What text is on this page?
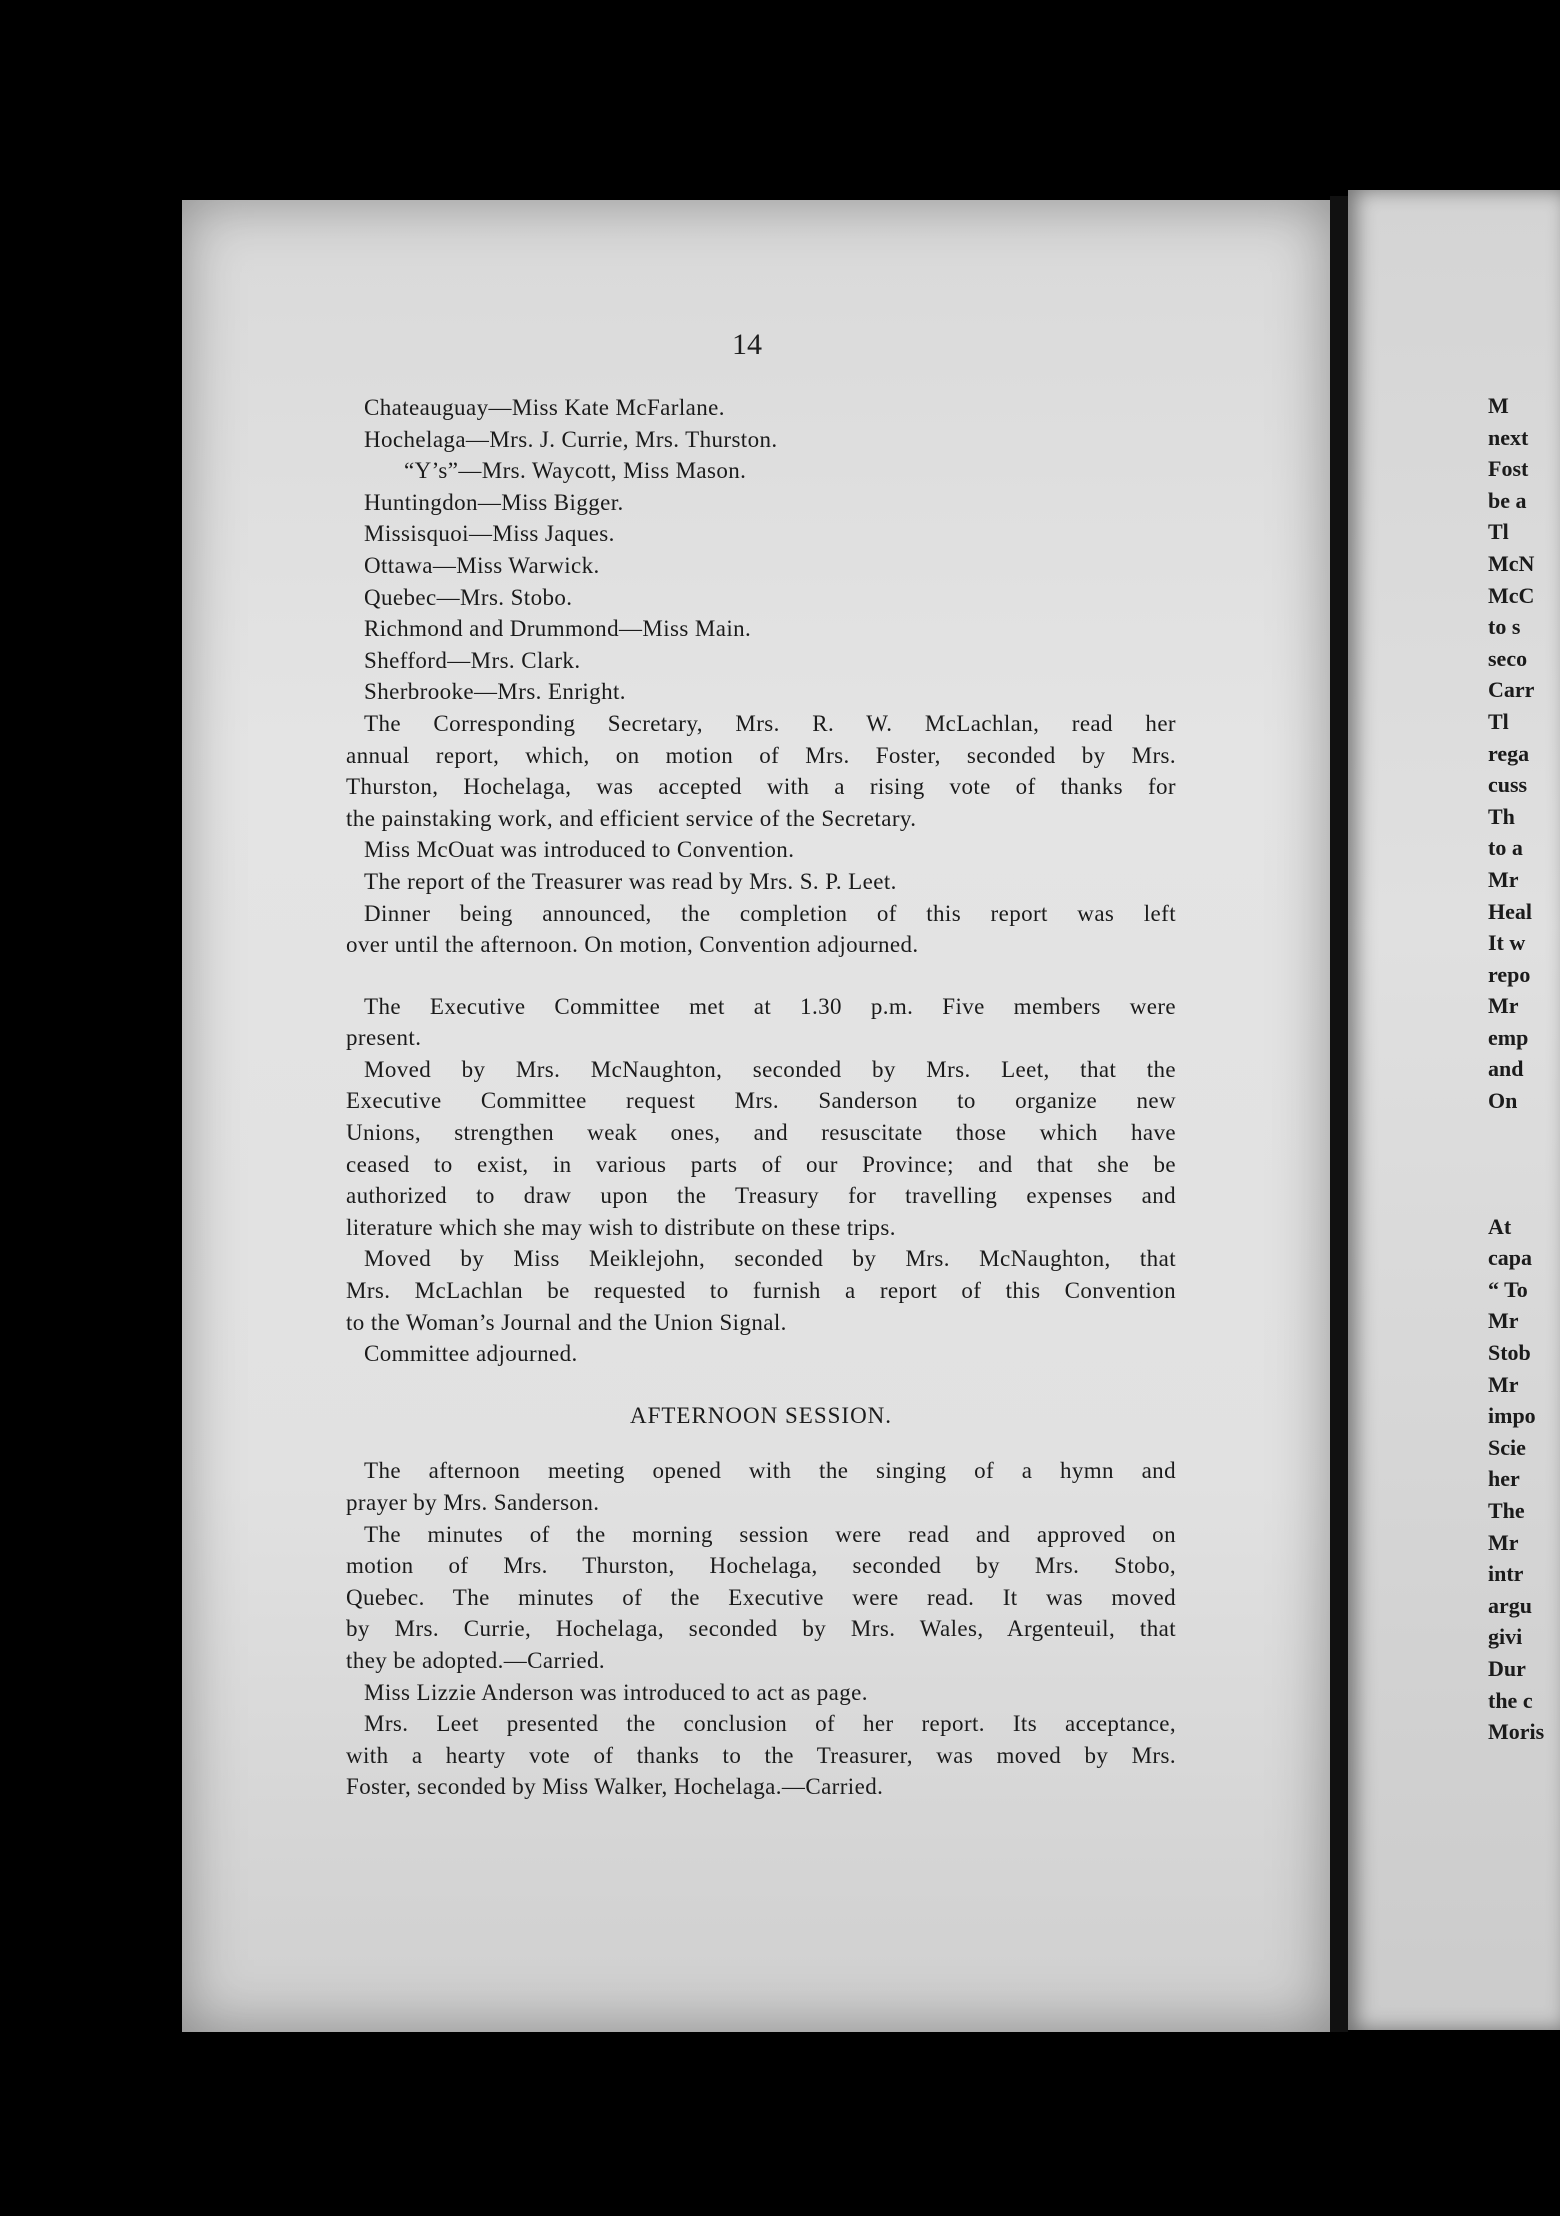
14
Chateauguay—Miss Kate McFarlane.
Hochelaga—Mrs. J. Currie, Mrs. Thurston.
“Y’s”—Mrs. Waycott, Miss Mason.
Huntingdon—Miss Bigger.
Missisquoi—Miss Jaques.
Ottawa—Miss Warwick.
Quebec—Mrs. Stobo.
Richmond and Drummond—Miss Main.
Shefford—Mrs. Clark.
Sherbrooke—Mrs. Enright.
The Corresponding Secretary, Mrs. R. W. McLachlan, read her
annual report, which, on motion of Mrs. Foster, seconded by Mrs.
Thurston, Hochelaga, was accepted with a rising vote of thanks for
the painstaking work, and efficient service of the Secretary.
Miss McOuat was introduced to Convention.
The report of the Treasurer was read by Mrs. S. P. Leet.
Dinner being announced, the completion of this report was left
over until the afternoon. On motion, Convention adjourned.
The Executive Committee met at 1.30 p.m. Five members were
present.
Moved by Mrs. McNaughton, seconded by Mrs. Leet, that the
Executive Committee request Mrs. Sanderson to organize new
Unions, strengthen weak ones, and resuscitate those which have
ceased to exist, in various parts of our Province; and that she be
authorized to draw upon the Treasury for travelling expenses and
literature which she may wish to distribute on these trips.
Moved by Miss Meiklejohn, seconded by Mrs. McNaughton, that
Mrs. McLachlan be requested to furnish a report of this Convention
to the Woman’s Journal and the Union Signal.
Committee adjourned.
AFTERNOON SESSION.
The afternoon meeting opened with the singing of a hymn and
prayer by Mrs. Sanderson.
The minutes of the morning session were read and approved on
motion of Mrs. Thurston, Hochelaga, seconded by Mrs. Stobo,
Quebec. The minutes of the Executive were read. It was moved
by Mrs. Currie, Hochelaga, seconded by Mrs. Wales, Argenteuil, that
they be adopted.—Carried.
Miss Lizzie Anderson was introduced to act as page.
Mrs. Leet presented the conclusion of her report. Its acceptance,
with a hearty vote of thanks to the Treasurer, was moved by Mrs.
Foster, seconded by Miss Walker, Hochelaga.—Carried.
M
next
Fost
be a
Tl
McN
McC
to s
seco
Carr
Tl
rega
cuss
Th
to a
Mr
Heal
It w
repo
Mr
emp
and
On
At
capa
“ To
Mr
Stob
Mr
impo
Scie
her
The
Mr
intr
argu
givi
Dur
the c
Moris
